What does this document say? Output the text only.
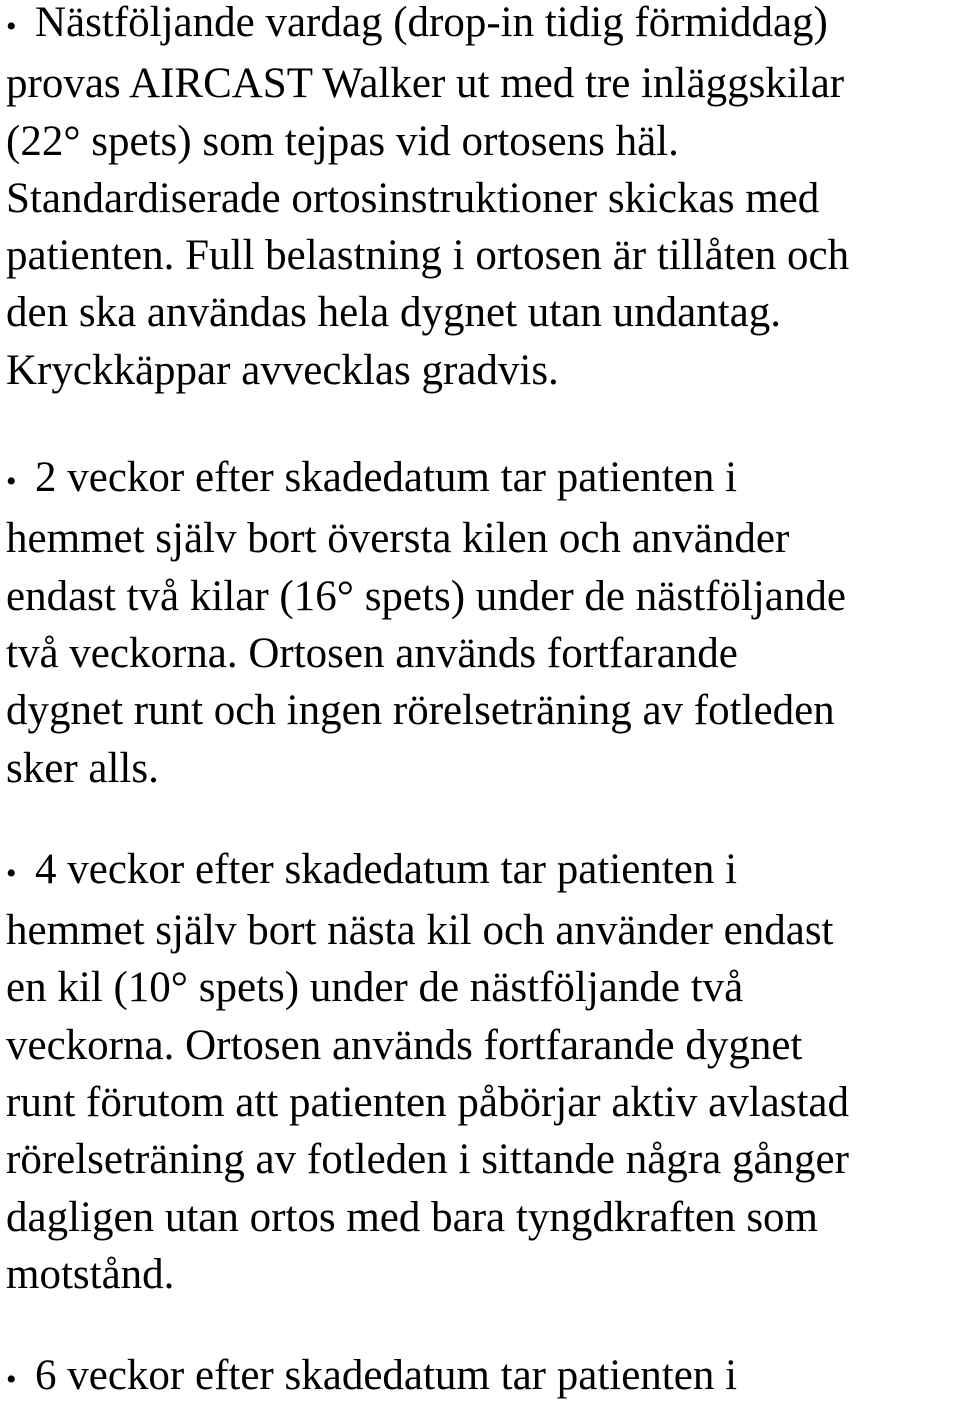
• Nästföljande vardag (drop-in tidig förmiddag)
provas AIRCAST Walker ut med tre inläggskilar
(22° spets) som tejpas vid ortosens häl.
Standardiserade ortosinstruktioner skickas med
patienten. Full belastning i ortosen är tillåten och
den ska användas hela dygnet utan undantag.
Kryckkäppar avvecklas gradvis.
• 2 veckor efter skadedatum tar patienten i
hemmet själv bort översta kilen och använder
endast två kilar (16° spets) under de nästföljande
två veckorna. Ortosen används fortfarande
dygnet runt och ingen rörelseträning av fotleden
sker alls.
• 4 veckor efter skadedatum tar patienten i
hemmet själv bort nästa kil och använder endast
en kil (10° spets) under de nästföljande två
veckorna. Ortosen används fortfarande dygnet
runt förutom att patienten påbörjar aktiv avlastad
rörelseträning av fotleden i sittande några gånger
dagligen utan ortos med bara tyngdkraften som
motstånd.
• 6 veckor efter skadedatum tar patienten i
